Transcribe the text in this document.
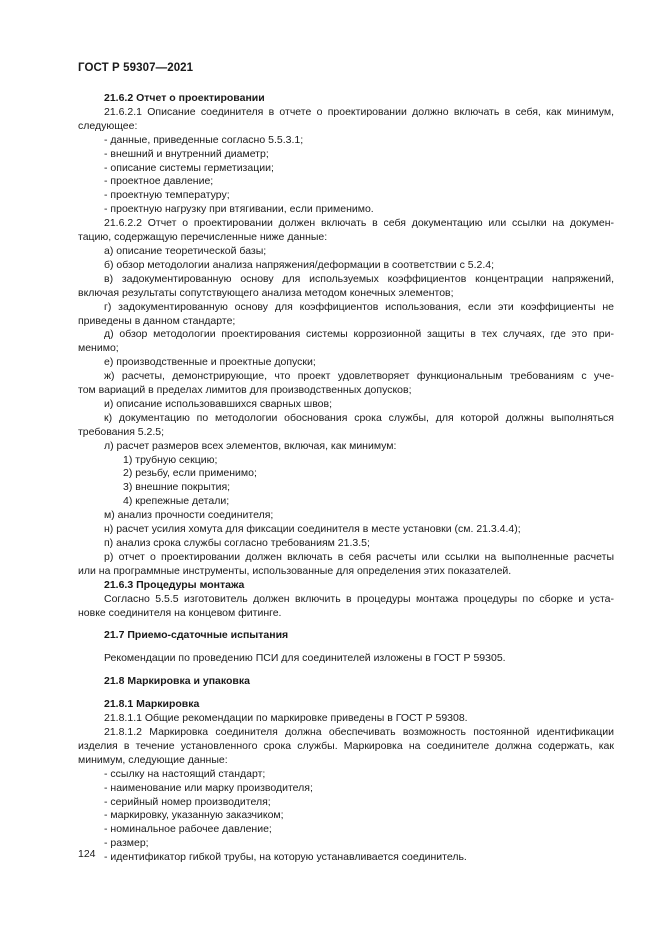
ГОСТ Р 59307—2021

21.6.2 Отчет о проектировании

21.6.2.1 Описание соединителя в отчете о проектировании должно включать в себя, как минимум,

следующее:

- данные, приведенные согласно 5.5.3.1;

- внешний и внутренний диаметр;

- описание системы герметизации;

- проектное давление;

- проектную температуру;

- проектную нагрузку при втягивании, если применимо.

21.6.2.2 Отчет о проектировании должен включать в себя документацию или ссылки на докумен-

тацию, содержащую перечисленные ниже данные:

а) описание теоретической базы;

б) обзор методологии анализа напряжения/деформации в соответствии с 5.2.4;

в) задокументированную основу для используемых коэффициентов концентрации напряжений,

включая результаты сопутствующего анализа методом конечных элементов;

г) задокументированную основу для коэффициентов использования, если эти коэффициенты не

приведены в данном стандарте;

д) обзор методологии проектирования системы коррозионной защиты в тех случаях, где это при-

менимо;

е) производственные и проектные допуски;

ж) расчеты, демонстрирующие, что проект удовлетворяет функциональным требованиям с уче-

том вариаций в пределах лимитов для производственных допусков;

и) описание использовавшихся сварных швов;

к) документацию по методологии обоснования срока службы, для которой должны выполняться

требования 5.2.5;

л) расчет размеров всех элементов, включая, как минимум:

1) трубную секцию;

2) резьбу, если применимо;

3) внешние покрытия;

4) крепежные детали;

м) анализ прочности соединителя;

н) расчет усилия хомута для фиксации соединителя в месте установки (см. 21.3.4.4);

п) анализ срока службы согласно требованиям 21.3.5;

р) отчет о проектировании должен включать в себя расчеты или ссылки на выполненные расчеты

или на программные инструменты, использованные для определения этих показателей.

21.6.3 Процедуры монтажа

Согласно 5.5.5 изготовитель должен включить в процедуры монтажа процедуры по сборке и уста-

новке соединителя на концевом фитинге.

21.7 Приемо-сдаточные испытания

Рекомендации по проведению ПСИ для соединителей изложены в ГОСТ Р 59305.

21.8 Маркировка и упаковка

21.8.1 Маркировка

21.8.1.1 Общие рекомендации по маркировке приведены в ГОСТ Р 59308.

21.8.1.2 Маркировка соединителя должна обеспечивать возможность постоянной идентификации

изделия в течение установленного срока службы. Маркировка на соединителе должна содержать, как

минимум, следующие данные:

- ссылку на настоящий стандарт;

- наименование или марку производителя;

- серийный номер производителя;

- маркировку, указанную заказчиком;

- номинальное рабочее давление;

- размер;

- идентификатор гибкой трубы, на которую устанавливается соединитель.

124
